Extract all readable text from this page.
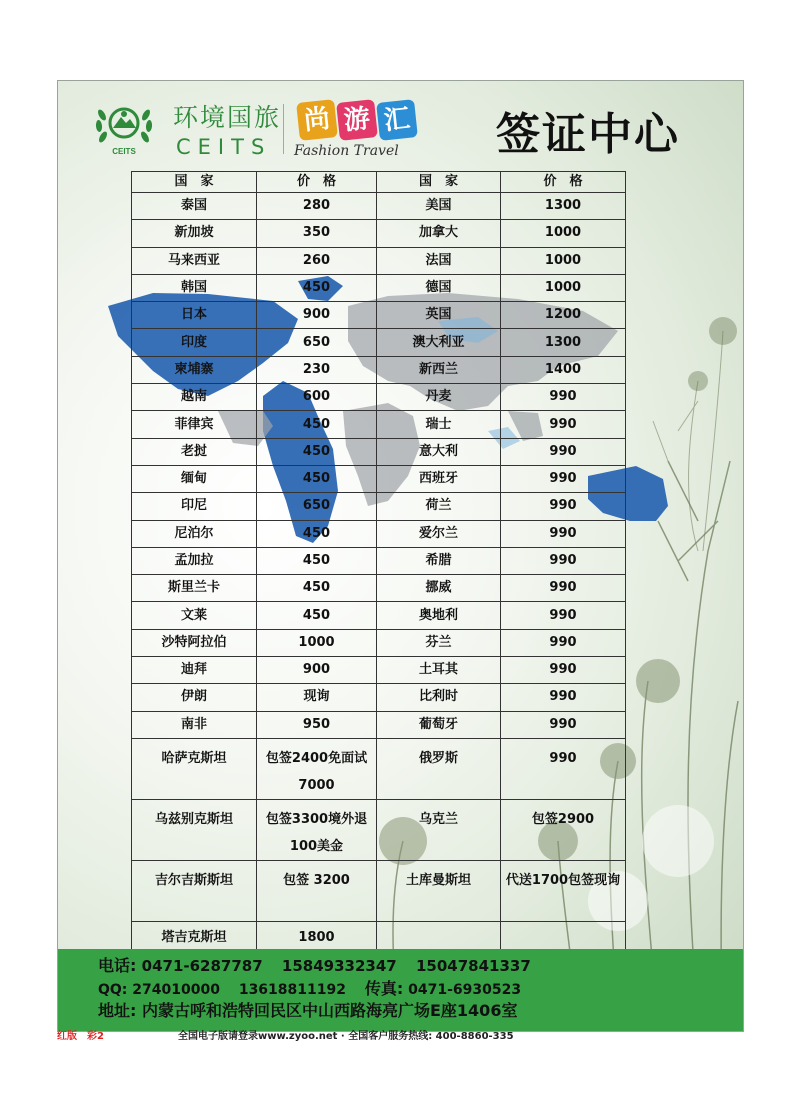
CEITS
环境国旅
CEITS
尚 游 汇
Fashion Travel 签证中心
国　家	价　格	国　家	价　格
泰国	280	美国	1300
新加坡	350	加拿大	1000
马来西亚	260	法国	1000
韩国	450	德国	1000
日本	900	英国	1200
印度	650	澳大利亚	1300
柬埔寨	230	新西兰	1400
越南	600	丹麦	990
菲律宾	450	瑞士	990
老挝	450	意大利	990
缅甸	450	西班牙	990
印尼	650	荷兰	990
尼泊尔	450	爱尔兰	990
孟加拉	450	希腊	990
斯里兰卡	450	挪威	990
文莱	450	奥地利	990
沙特阿拉伯	1000	芬兰	990
迪拜	900	土耳其	990
伊朗	现询	比利时	990
南非	950	葡萄牙	990
哈萨克斯坦	包签2400免面试7000	俄罗斯	990
乌兹别克斯坦	包签3300境外退100美金	乌克兰	包签2900
吉尔吉斯斯坦	包签 3200	土库曼斯坦	代送1700包签现询
塔吉克斯坦	1800		
电话: 0471-6287787 15849332347 15047841337
QQ: 274010000 13618811192 传真: 0471-6930523
地址: 内蒙古呼和浩特回民区中山西路海亮广场E座1406室
红版　彩2	全国电子版请登录www.zyoo.net · 全国客户服务热线: 400-8860-335
